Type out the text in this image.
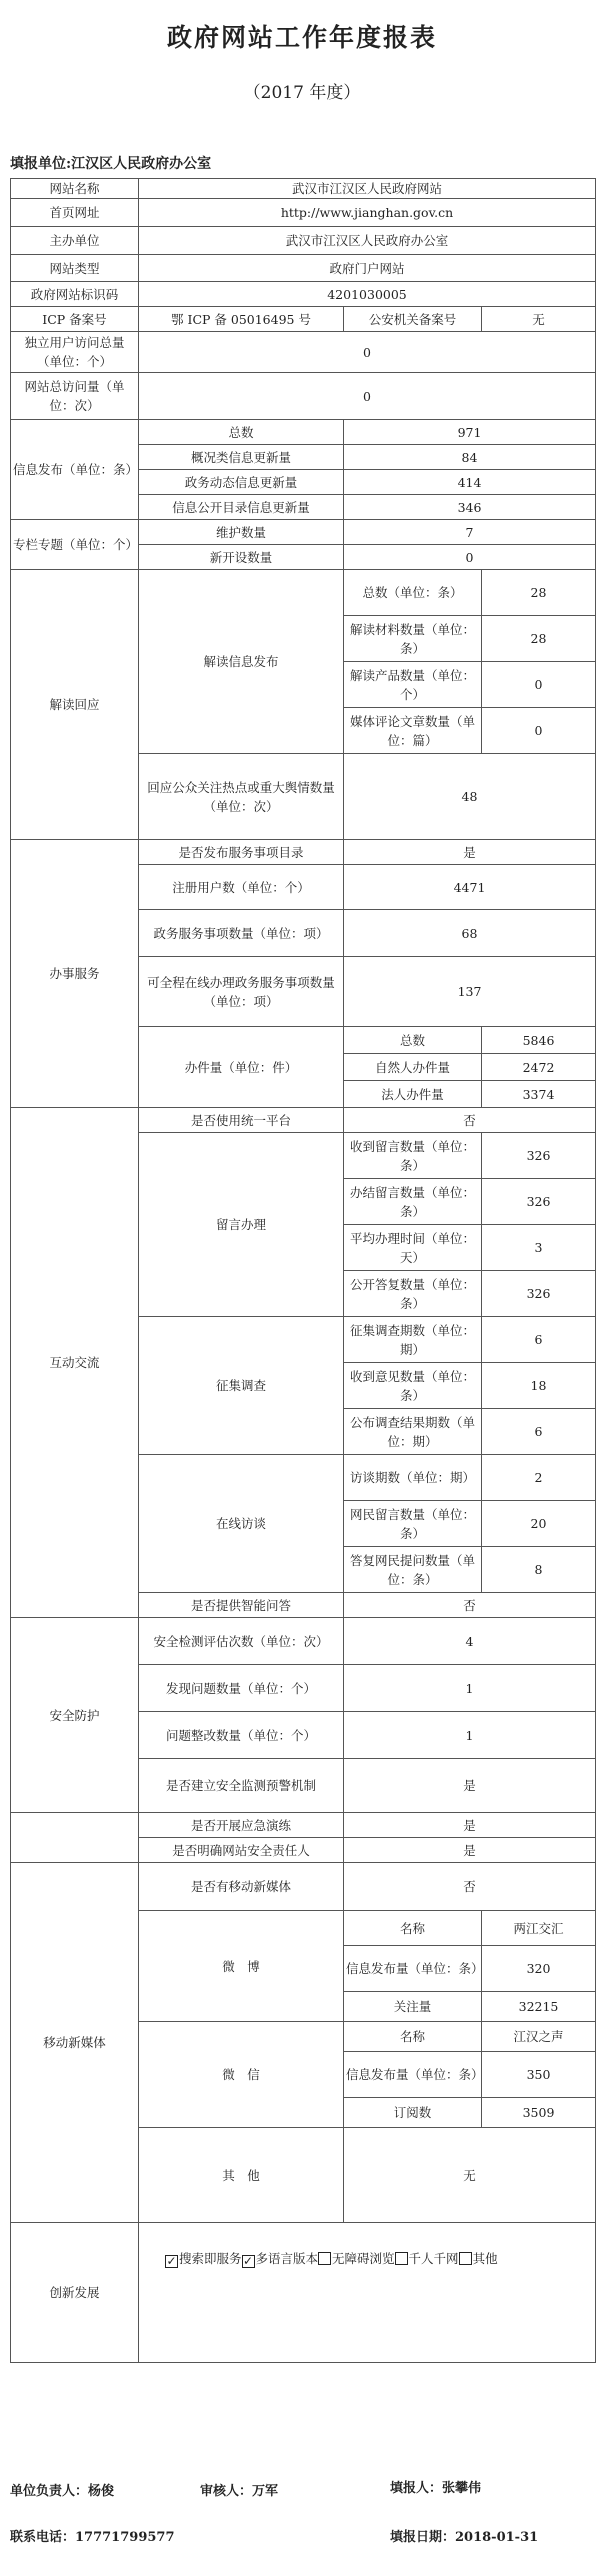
政府网站工作年度报表
（2017 年度）
填报单位:江汉区人民政府办公室
网站名称	武汉市江汉区人民政府网站		
首页网址	http://www.jianghan.gov.cn		
主办单位	武汉市江汉区人民政府办公室		
网站类型	政府门户网站		
政府网站标识码	4201030005		
ICP 备案号	鄂 ICP 备 05016495 号	公安机关备案号	无
独立用户访问总量（单位：个）	0		
网站总访问量（单位：次）	0		
信息发布（单位：条）	总数	971	
	概况类信息更新量	84	
	政务动态信息更新量	414	
	信息公开目录信息更新量	346	
专栏专题（单位：个）	维护数量	7	
	新开设数量	0	
解读回应	解读信息发布	总数（单位：条）	28
		解读材料数量（单位：条）	28
		解读产品数量（单位：个）	0
		媒体评论文章数量（单位：篇）	0
	回应公众关注热点或重大舆情数量（单位：次）	48	
办事服务	是否发布服务事项目录	是	
	注册用户数（单位：个）	4471	
	政务服务事项数量（单位：项）	68	
	可全程在线办理政务服务事项数量（单位：项）	137	
	办件量（单位：件）	总数	5846
		自然人办件量	2472
		法人办件量	3374
互动交流	是否使用统一平台	否	
	留言办理	收到留言数量（单位：条）	326
		办结留言数量（单位：条）	326
		平均办理时间（单位：天）	3
		公开答复数量（单位：条）	326
	征集调查	征集调查期数（单位：期）	6
		收到意见数量（单位：条）	18
		公布调查结果期数（单位：期）	6
	在线访谈	访谈期数（单位：期）	2
		网民留言数量（单位：条）	20
		答复网民提问数量（单位：条）	8
	是否提供智能问答	否	
安全防护	安全检测评估次数（单位：次）	4	
	发现问题数量（单位：个）	1	
	问题整改数量（单位：个）	1	
	是否建立安全监测预警机制	是	
	是否开展应急演练	是	
	是否明确网站安全责任人	是	
移动新媒体	是否有移动新媒体	否	
	微　博	名称	两江交汇
		信息发布量（单位：条）	320
		关注量	32215
	微　信	名称	江汉之声
		信息发布量（单位：条）	350
		订阅数	3509
	其　他	无	
创新发展	✓ 搜索即服务✓ 多语言版本 无障碍浏览 千人千网 其他		
单位负责人：杨俊	审核人：万军	填报人：张攀伟
联系电话：17771799577	填报日期：2018-01-31
